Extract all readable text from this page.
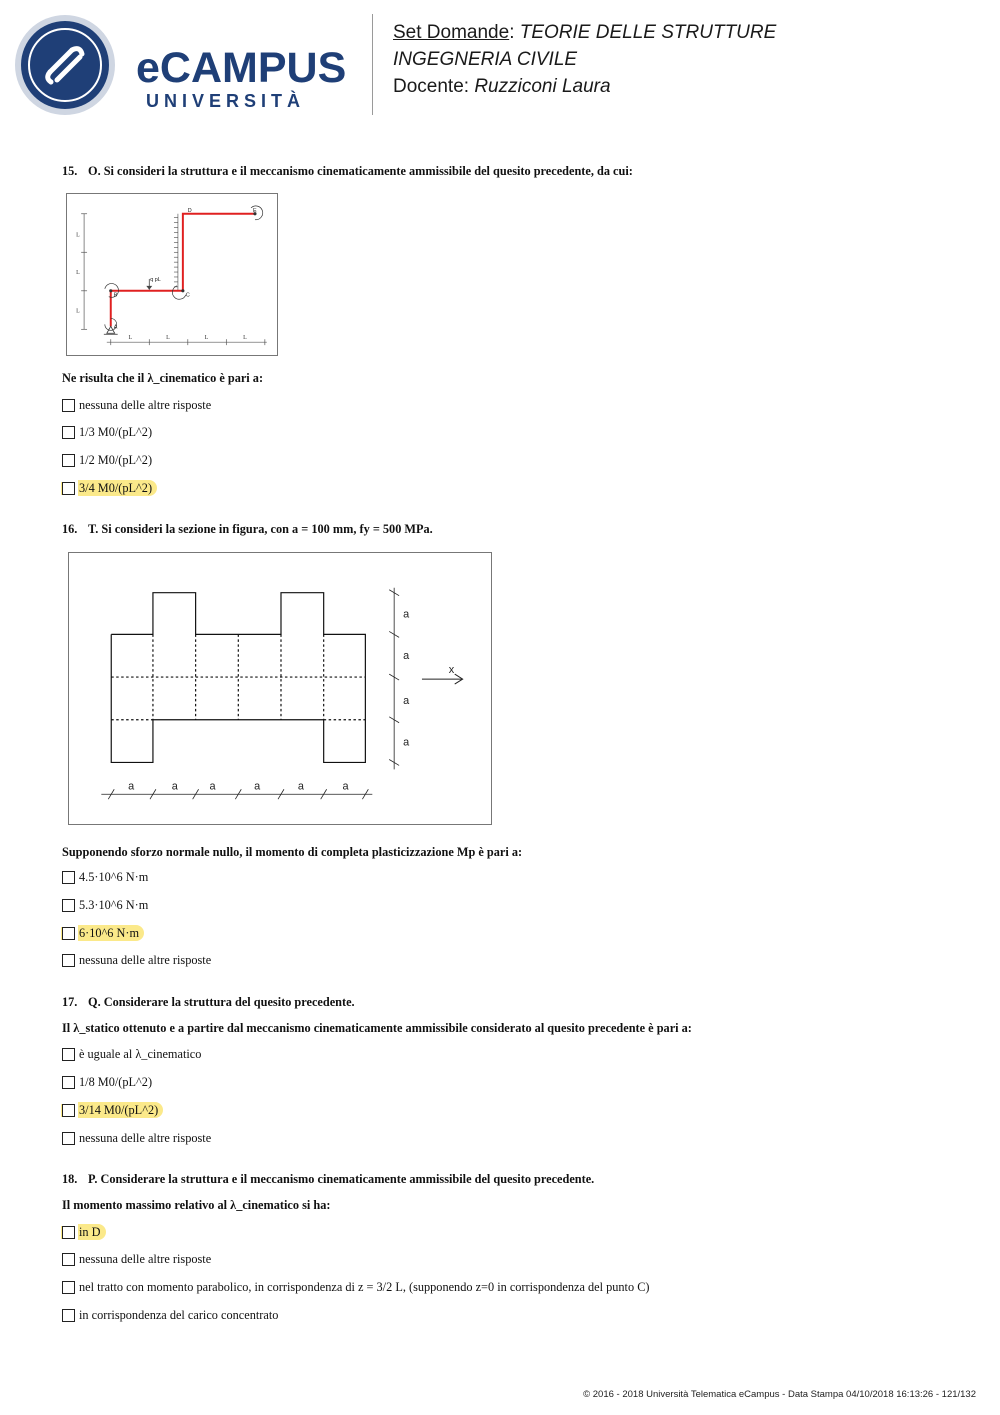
eCAMPUS
UNIVERSITÀ
Set Domande: TEORIE DELLE STRUTTURE
INGEGNERIA CIVILE
Docente: Ruzziconi Laura
15. O. Si consideri la struttura e il meccanismo cinematicamente ammissibile del quesito precedente, da cui:
L
L
L
L	L	L	L
A
B	C
D	E
q pL
Ne risulta che il λ_cinematico è pari a:
nessuna delle altre risposte
1/3 M0/(pL^2)
1/2 M0/(pL^2)
3/4 M0/(pL^2)
16. T. Si consideri la sezione in figura, con a = 100 mm, fy = 500 MPa.
a
a
a
a
a	a	a	a	a	a
x
Supponendo sforzo normale nullo, il momento di completa plasticizzazione Mp è pari a:
4.5·10^6 N·m
5.3·10^6 N·m
6·10^6 N·m
nessuna delle altre risposte
17. Q. Considerare la struttura del quesito precedente.
Il λ_statico ottenuto e a partire dal meccanismo cinematicamente ammissibile considerato al quesito precedente è pari a:
è uguale al λ_cinematico
1/8 M0/(pL^2)
3/14 M0/(pL^2)
nessuna delle altre risposte
18. P. Considerare la struttura e il meccanismo cinematicamente ammissibile del quesito precedente.
Il momento massimo relativo al λ_cinematico si ha:
in D
nessuna delle altre risposte
nel tratto con momento parabolico, in corrispondenza di z = 3/2 L, (supponendo z=0 in corrispondenza del punto C)
in corrispondenza del carico concentrato
© 2016 - 2018 Università Telematica eCampus - Data Stampa 04/10/2018 16:13:26 - 121/132
